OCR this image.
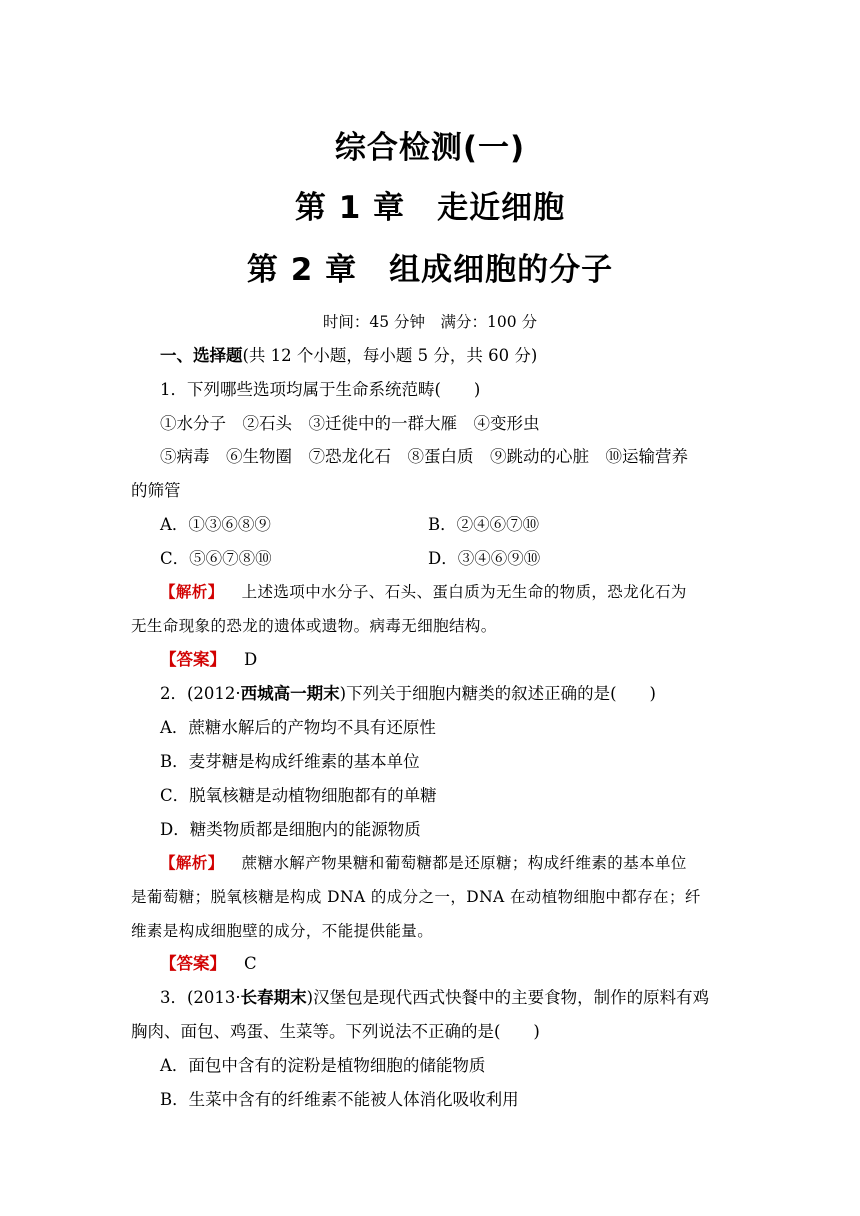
综合检测(一)
第 1 章　走近细胞
第 2 章　组成细胞的分子
时间：45 分钟　满分：100 分
一、选择题(共 12 个小题，每小题 5 分，共 60 分)
1．下列哪些选项均属于生命系统范畴(　　)
①水分子　②石头　③迁徙中的一群大雁　④变形虫
⑤病毒　⑥生物圈　⑦恐龙化石　⑧蛋白质　⑨跳动的心脏　⑩运输营养
的筛管
A．①③⑥⑧⑨	B．②④⑥⑦⑩
C．⑤⑥⑦⑧⑩	D．③④⑥⑨⑩
【解析】 上述选项中水分子、石头、蛋白质为无生命的物质，恐龙化石为
无生命现象的恐龙的遗体或遗物。病毒无细胞结构。
【答案】 D
2．(2012·西城高一期末)下列关于细胞内糖类的叙述正确的是(　　)
A．蔗糖水解后的产物均不具有还原性
B．麦芽糖是构成纤维素的基本单位
C．脱氧核糖是动植物细胞都有的单糖
D．糖类物质都是细胞内的能源物质
【解析】 蔗糖水解产物果糖和葡萄糖都是还原糖；构成纤维素的基本单位
是葡萄糖；脱氧核糖是构成 DNA 的成分之一，DNA 在动植物细胞中都存在；纤
维素是构成细胞壁的成分，不能提供能量。
【答案】 C
3．(2013·长春期末)汉堡包是现代西式快餐中的主要食物，制作的原料有鸡
胸肉、面包、鸡蛋、生菜等。下列说法不正确的是(　　)
A．面包中含有的淀粉是植物细胞的储能物质
B．生菜中含有的纤维素不能被人体消化吸收利用
